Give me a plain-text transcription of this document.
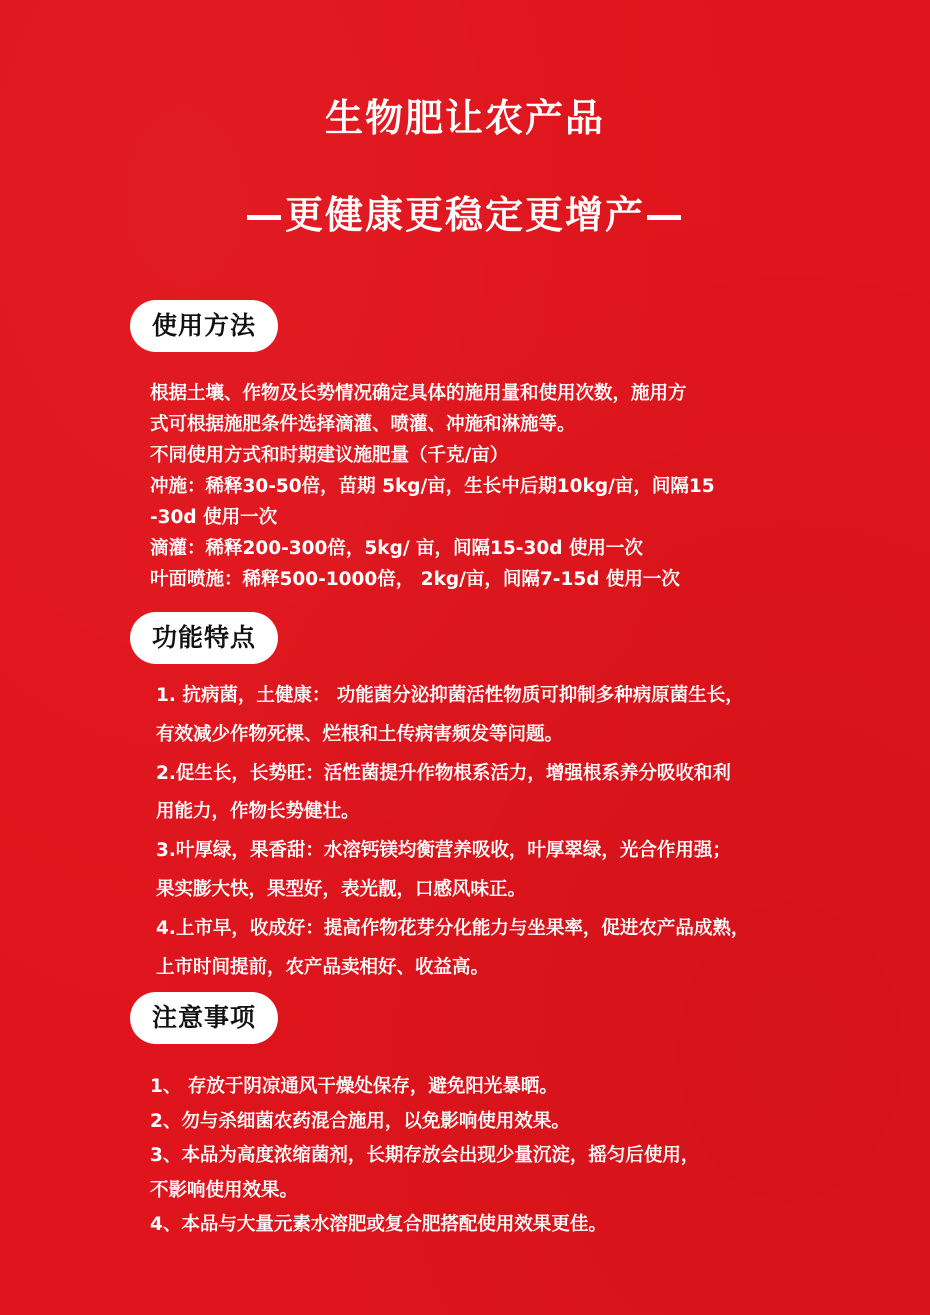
生物肥让农产品
—更健康更稳定更增产—
使用方法
根据土壤、作物及长势情况确定具体的施用量和使用次数，施用方
式可根据施肥条件选择滴灌、喷灌、冲施和淋施等。
不同使用方式和时期建议施肥量（千克/亩）
冲施：稀释30-50倍，苗期 5kg/亩，生长中后期10kg/亩，间隔15
-30d 使用一次
滴灌：稀释200-300倍，5kg/ 亩，间隔15-30d 使用一次
叶面喷施：稀释500-1000倍， 2kg/亩，间隔7-15d 使用一次
功能特点
1. 抗病菌，土健康： 功能菌分泌抑菌活性物质可抑制多种病原菌生长，
有效减少作物死棵、烂根和土传病害频发等问题。
2.促生长，长势旺：活性菌提升作物根系活力，增强根系养分吸收和利
用能力，作物长势健壮。
3.叶厚绿，果香甜：水溶钙镁均衡营养吸收，叶厚翠绿，光合作用强；
果实膨大快，果型好，表光靓，口感风味正。
4.上市早，收成好：提高作物花芽分化能力与坐果率，促进农产品成熟，
上市时间提前，农产品卖相好、收益高。
注意事项
1、 存放于阴凉通风干燥处保存，避免阳光暴晒。
2、勿与杀细菌农药混合施用，以免影响使用效果。
3、本品为高度浓缩菌剂，长期存放会出现少量沉淀，摇匀后使用，
不影响使用效果。
4、本品与大量元素水溶肥或复合肥搭配使用效果更佳。
